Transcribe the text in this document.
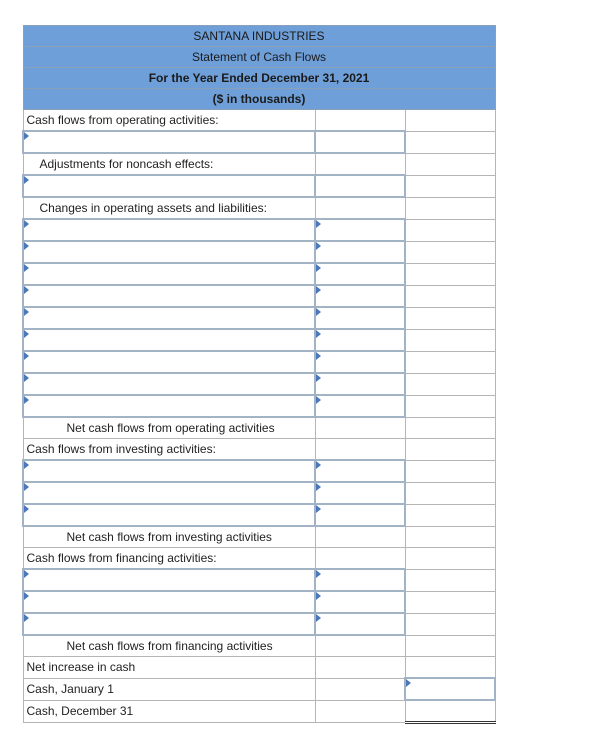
SANTANA INDUSTRIES		
Statement of Cash Flows		
For the Year Ended December 31, 2021		
($ in thousands)		
Cash flows from operating activities:		

Adjustments for noncash effects:		

Changes in operating assets and liabilities:		

Net cash flows from operating activities		
Cash flows from investing activities:		

Net cash flows from investing activities		
Cash flows from financing activities:		

Net cash flows from financing activities		
Net increase in cash		
Cash, January 1		
Cash, December 31		
